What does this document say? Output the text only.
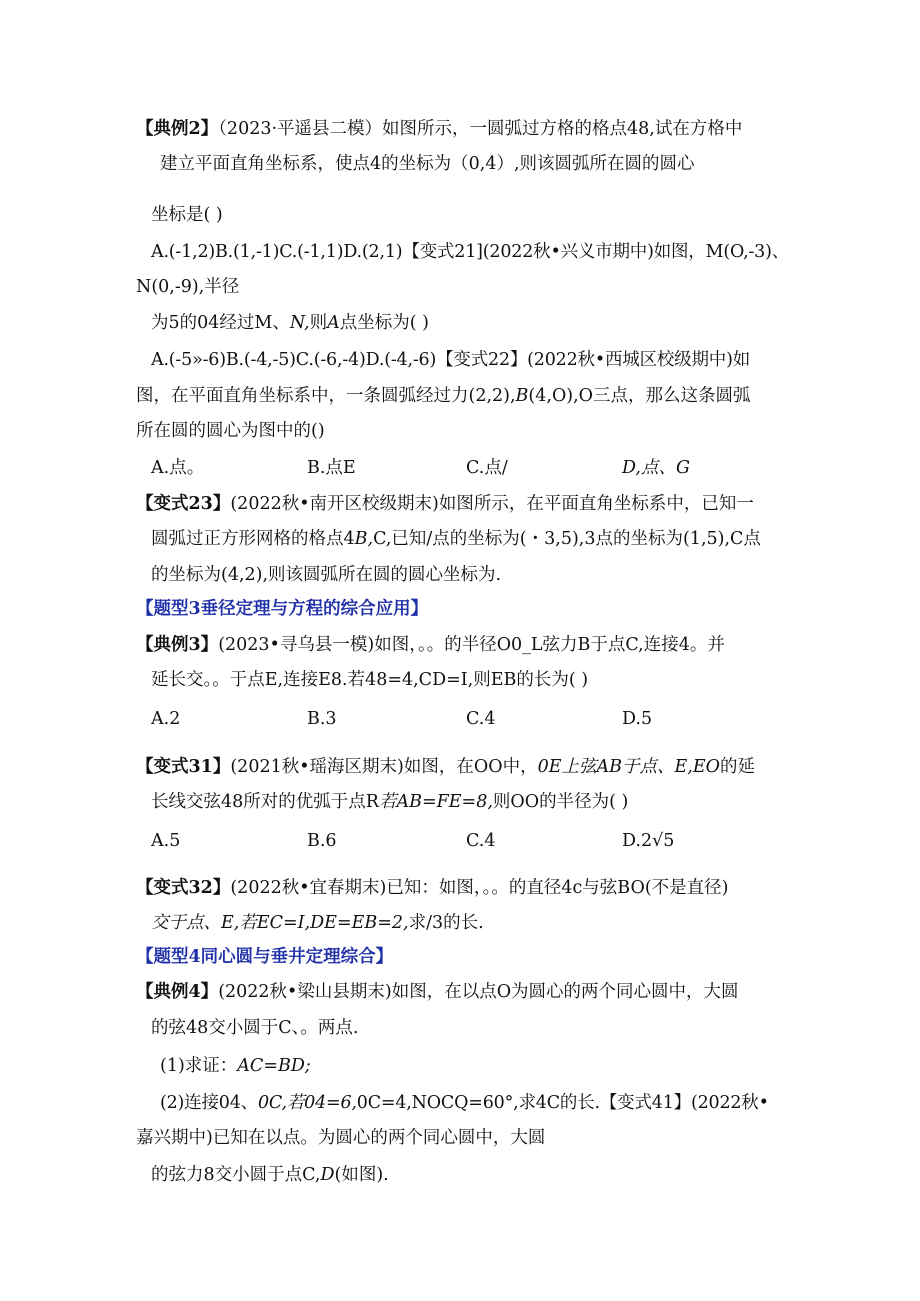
【典例2】（2023·平遥县二模）如图所示，一圆弧过方格的格点48,试在方格中
建立平面直角坐标系，使点4的坐标为（0,4）,则该圆弧所在圆的圆心
坐标是( )
A.(-1,2)B.(1,-1)C.(-1,1)D.(2,1)【变式21](2022秋•兴义市期中)如图，M(O,-3)、
N(0,-9),半径
为5的04经过M、N,则A点坐标为( )
A.(-5»-6)B.(-4,-5)C.(-6,-4)D.(-4,-6)【变式22】(2022秋•西城区校级期中)如
图，在平面直角坐标系中，一条圆弧经过力(2,2),B(4,O),O三点，那么这条圆弧
所在圆的圆心为图中的()
A.点。	B.点E	C.点/	D,点、G
【变式23】(2022秋•南开区校级期末)如图所示，在平面直角坐标系中，已知一
圆弧过正方形网格的格点4B,C,已知/点的坐标为(・3,5),3点的坐标为(1,5),C点
的坐标为(4,2),则该圆弧所在圆的圆心坐标为.
【题型3垂径定理与方程的综合应用】
【典例3】(2023•寻乌县一模)如图，。。的半径O0_L弦力B于点C,连接4。并
延长交。。于点E,连接E8.若48=4,CD=I,则EB的长为( )
A.2	B.3	C.4	D.5
【变式31】(2021秋•瑶海区期末)如图，在OO中，0E上弦AB于点、E,EO的延
长线交弦48所对的优弧于点R若AB=FE=8,则OO的半径为( )
A.5	B.6	C.4	D.2√5
【变式32】(2022秋•宜春期末)已知：如图，。。的直径4c与弦BO(不是直径)
交于点、E,若EC=I,DE=EB=2,求/3的长.
【题型4同心圆与垂井定理综合】
【典例4】(2022秋•梁山县期末)如图，在以点O为圆心的两个同心圆中，大圆
的弦48交小圆于C、。两点.
(1)求证：AC=BD;
(2)连接04、0C,若04=6,0C=4,NOCQ=60°,求4C的长.【变式41】(2022秋•
嘉兴期中)已知在以点。为圆心的两个同心圆中，大圆
的弦力8交小圆于点C,D(如图).
